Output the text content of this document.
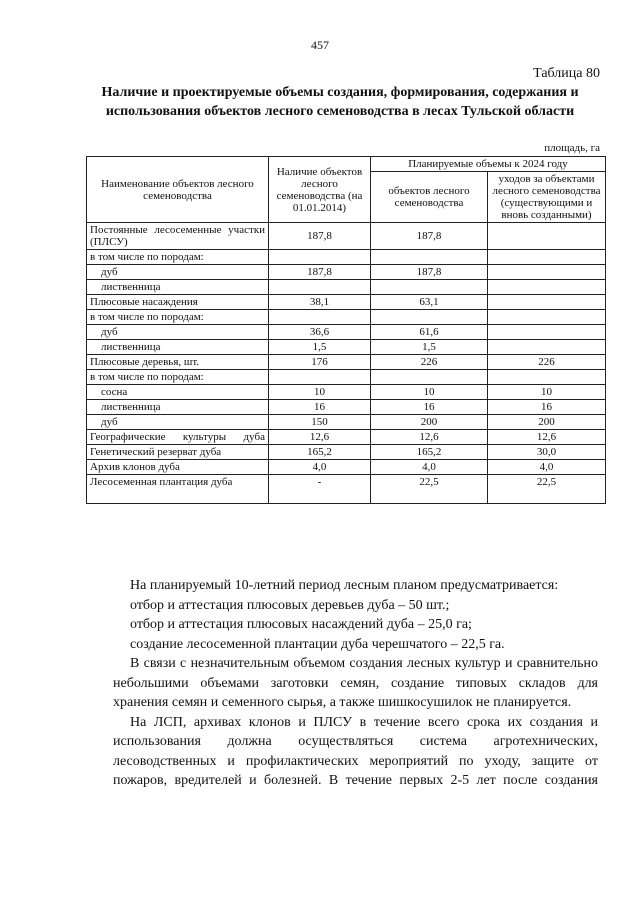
457
Таблица 80
Наличие и проектируемые объемы создания, формирования, содержания и использования объектов лесного семеноводства в лесах Тульской области
площадь, га
Наименование объектов лесного семеноводства	Наличие объектов лесного семеноводства (на 01.01.2014)	Планируемые объемы к 2024 году	
		объектов лесного семеноводства	уходов за объектами лесного семеноводства (существующими и вновь созданными)
Постоянные лесосеменные участки (ПЛСУ)	187,8	187,8	
в том числе по породам:			
дуб	187,8	187,8	
лиственница			
Плюсовые насаждения	38,1	63,1	
в том числе по породам:			
дуб	36,6	61,6	
лиственница	1,5	1,5	
Плюсовые деревья, шт.	176	226	226
в том числе по породам:			
сосна	10	10	10
лиственница	16	16	16
дуб	150	200	200
Географические культуры дуба	12,6	12,6	12,6
Генетический резерват дуба	165,2	165,2	30,0
Архив клонов дуба	4,0	4,0	4,0
Лесосеменная плантация дуба	-	22,5	22,5

На планируемый 10-летний период лесным планом предусматривается:

отбор и аттестация плюсовых деревьев дуба – 50 шт.;

отбор и аттестация плюсовых насаждений дуба – 25,0 га;

создание лесосеменной плантации дуба черешчатого – 22,5 га.

В связи с незначительным объемом создания лесных культур и сравнительно небольшими объемами заготовки семян, создание типовых складов для хранения семян и семенного сырья, а также шишкосушилок не планируется.

На ЛСП, архивах клонов и ПЛСУ в течение всего срока их создания и использования должна осуществляться система агротехнических, лесоводственных и профилактических мероприятий по уходу, защите от пожаров, вредителей и болезней. В течение первых 2-5 лет после создания
